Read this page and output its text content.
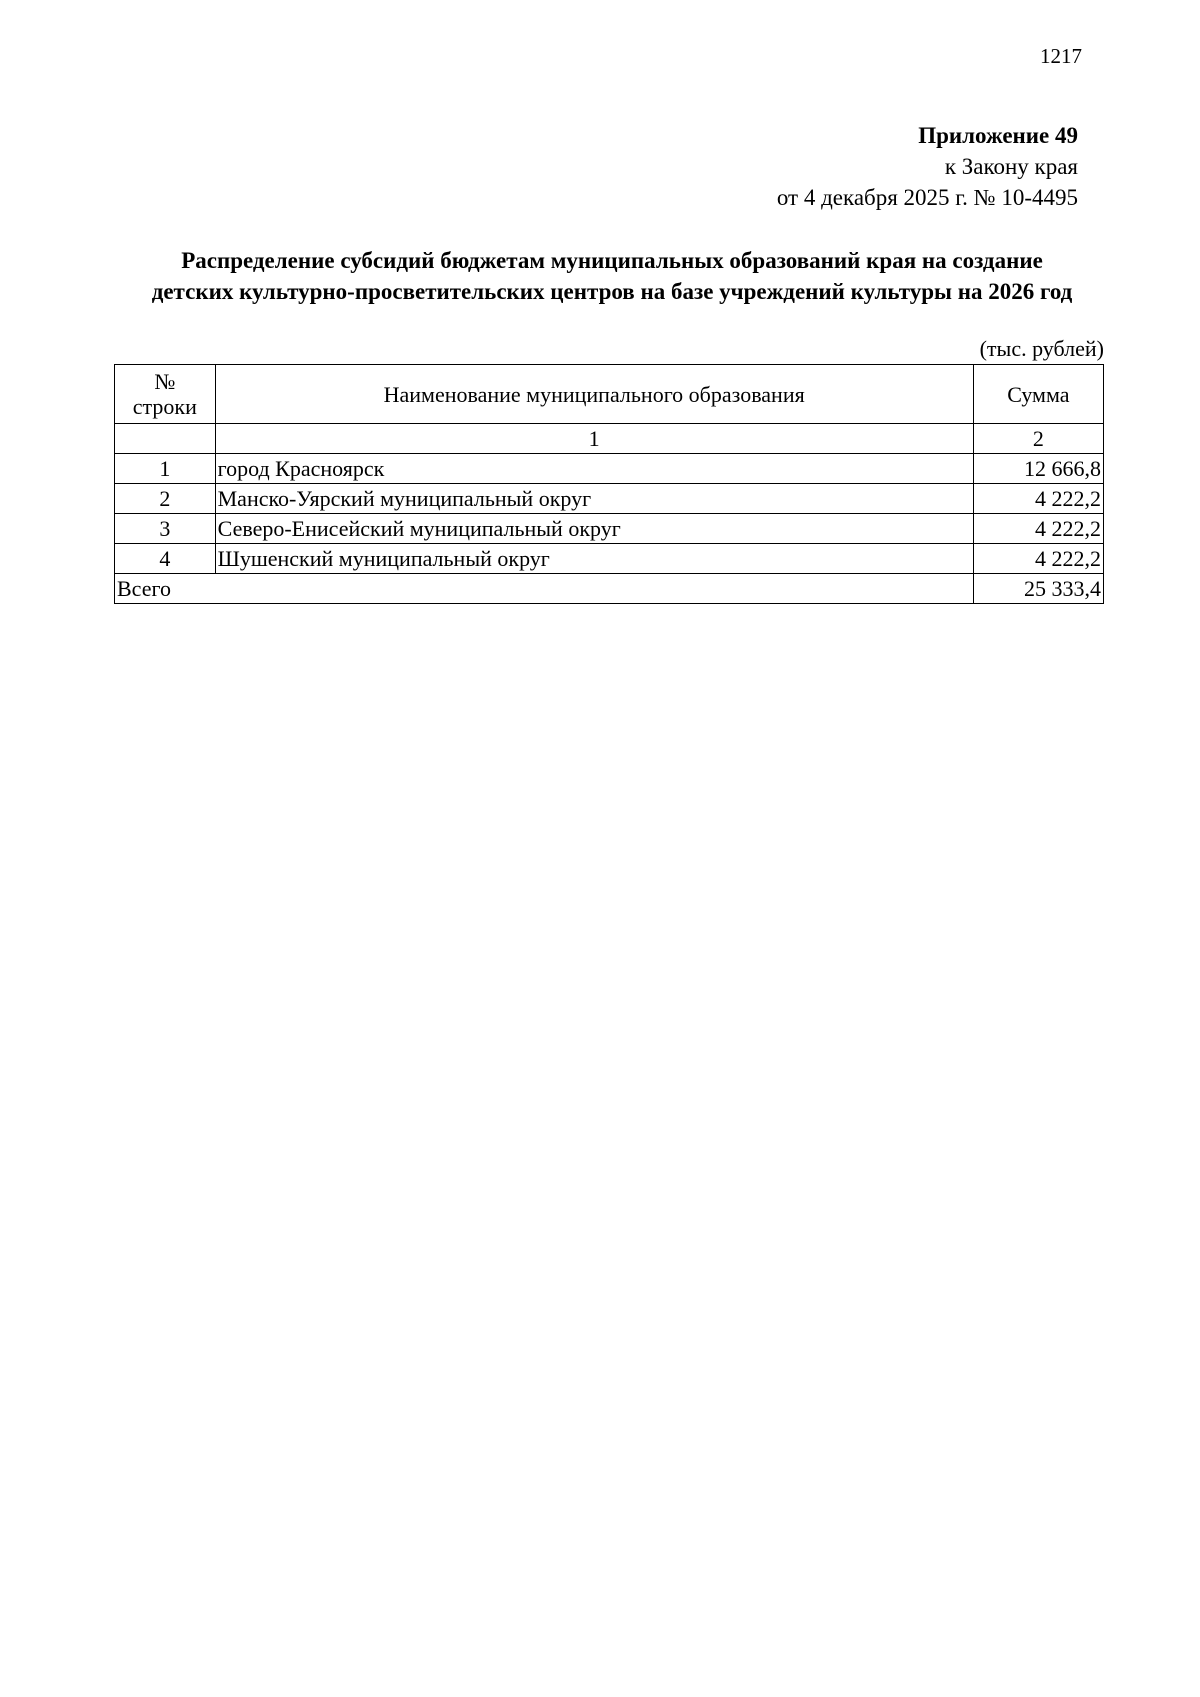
1217
Приложение 49
к Закону края
от 4 декабря 2025 г. № 10-4495
Распределение субсидий бюджетам муниципальных образований края на создание
детских культурно-просветительских центров на базе учреждений культуры на 2026 год
(тыс. рублей)
№
строки	Наименование муниципального образования	Сумма
	1	2
1	город Красноярск	12 666,8
2	Манско-Уярский муниципальный округ	4 222,2
3	Северо-Енисейский муниципальный округ	4 222,2
4	Шушенский муниципальный округ	4 222,2
Всего		25 333,4
